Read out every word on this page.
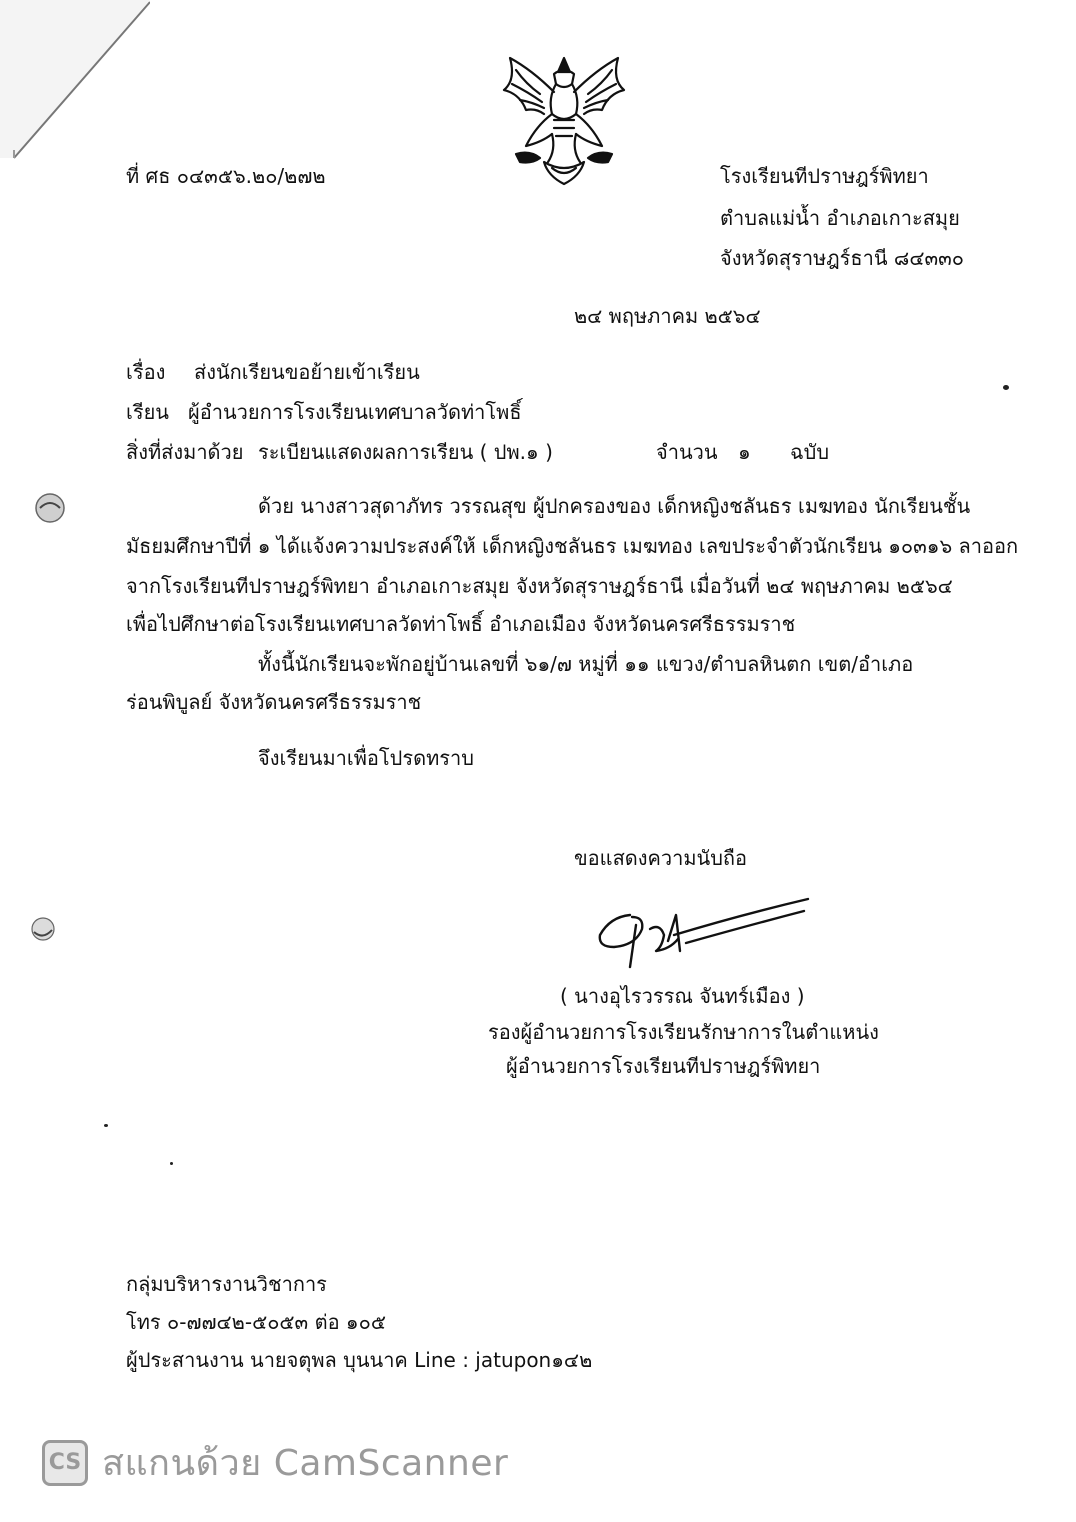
ที่ ศธ ๐๔๓๕๖.๒๐/๒๗๒	โรงเรียนทีปราษฎร์พิทยา
ตำบลแม่น้ำ อำเภอเกาะสมุย
จังหวัดสุราษฎร์ธานี ๘๔๓๓๐
๒๔ พฤษภาคม ๒๕๖๔
เรื่อง ส่งนักเรียนขอย้ายเข้าเรียน
เรียน ผู้อำนวยการโรงเรียนเทศบาลวัดท่าโพธิ์
สิ่งที่ส่งมาด้วย ระเบียนแสดงผลการเรียน ( ปพ.๑ )	จำนวน ๑ ฉบับ
ด้วย นางสาวสุดาภัทร วรรณสุข ผู้ปกครองของ เด็กหญิงชลันธร เมฆทอง นักเรียนชั้น
มัธยมศึกษาปีที่ ๑ ได้แจ้งความประสงค์ให้ เด็กหญิงชลันธร เมฆทอง เลขประจำตัวนักเรียน ๑๐๓๑๖ ลาออก
จากโรงเรียนทีปราษฎร์พิทยา อำเภอเกาะสมุย จังหวัดสุราษฎร์ธานี เมื่อวันที่ ๒๔ พฤษภาคม ๒๕๖๔
เพื่อไปศึกษาต่อโรงเรียนเทศบาลวัดท่าโพธิ์ อำเภอเมือง จังหวัดนครศรีธรรมราช
ทั้งนี้นักเรียนจะพักอยู่บ้านเลขที่ ๖๑/๗ หมู่ที่ ๑๑ แขวง/ตำบลหินตก เขต/อำเภอ
ร่อนพิบูลย์ จังหวัดนครศรีธรรมราช
จึงเรียนมาเพื่อโปรดทราบ
ขอแสดงความนับถือ
( นางอุไรวรรณ จันทร์เมือง )
รองผู้อำนวยการโรงเรียนรักษาการในตำแหน่ง
ผู้อำนวยการโรงเรียนทีปราษฎร์พิทยา
กลุ่มบริหารงานวิชาการ
โทร ๐-๗๗๔๒-๕๐๕๓ ต่อ ๑๐๕
ผู้ประสานงาน นายจตุพล บุนนาค Line : jatupon๑๔๒
CS สแกนด้วย CamScanner
